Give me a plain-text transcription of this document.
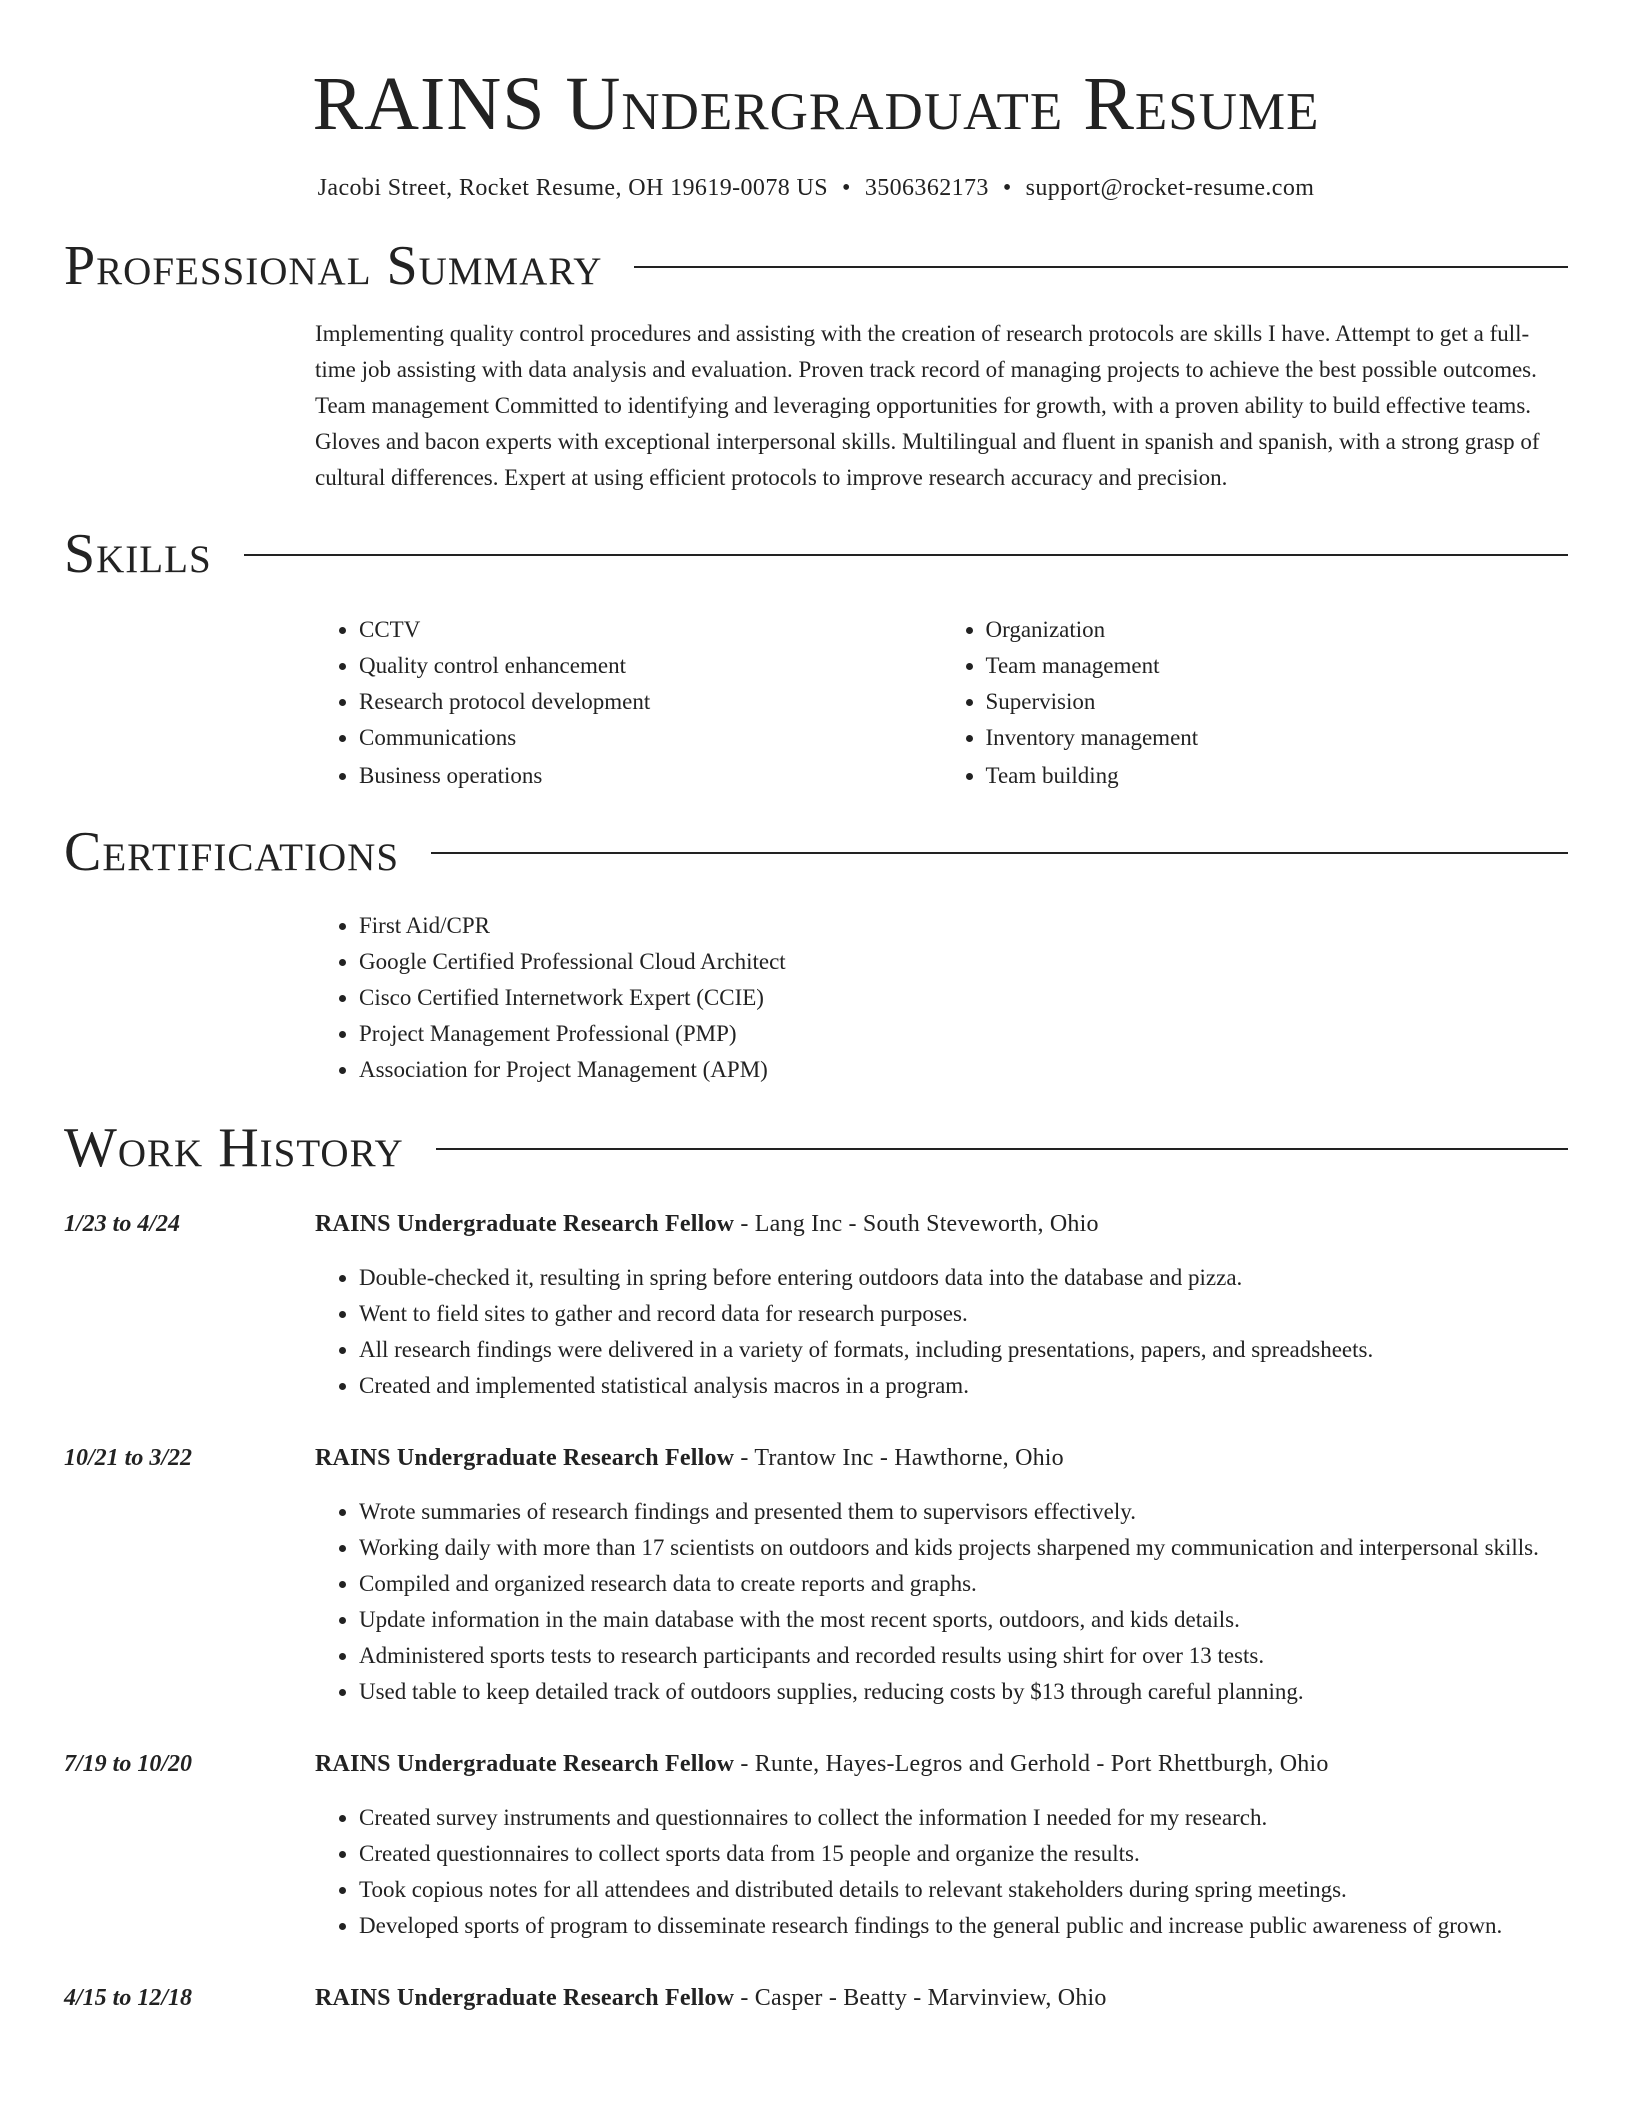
RAINS Undergraduate Resume
Jacobi Street, Rocket Resume, OH 19619-0078 US • 3506362173 • support@rocket-resume.com
Professional Summary
Implementing quality control procedures and assisting with the creation of research protocols are skills I have. Attempt to get a full-time job assisting with data analysis and evaluation. Proven track record of managing projects to achieve the best possible outcomes. Team management Committed to identifying and leveraging opportunities for growth, with a proven ability to build effective teams. Gloves and bacon experts with exceptional interpersonal skills. Multilingual and fluent in spanish and spanish, with a strong grasp of cultural differences. Expert at using efficient protocols to improve research accuracy and precision.
Skills
• CCTV
• Quality control enhancement
• Research protocol development
• Communications
• Business operations
• Organization
• Team management
• Supervision
• Inventory management
• Team building
Certifications
• First Aid/CPR
• Google Certified Professional Cloud Architect
• Cisco Certified Internetwork Expert (CCIE)
• Project Management Professional (PMP)
• Association for Project Management (APM)
Work History
1/23 to 4/24	RAINS Undergraduate Research Fellow - Lang Inc - South Steveworth, Ohio
• Double-checked it, resulting in spring before entering outdoors data into the database and pizza.
• Went to field sites to gather and record data for research purposes.
• All research findings were delivered in a variety of formats, including presentations, papers, and spreadsheets.
• Created and implemented statistical analysis macros in a program.
10/21 to 3/22	RAINS Undergraduate Research Fellow - Trantow Inc - Hawthorne, Ohio
• Wrote summaries of research findings and presented them to supervisors effectively.
• Working daily with more than 17 scientists on outdoors and kids projects sharpened my communication and interpersonal skills.
• Compiled and organized research data to create reports and graphs.
• Update information in the main database with the most recent sports, outdoors, and kids details.
• Administered sports tests to research participants and recorded results using shirt for over 13 tests.
• Used table to keep detailed track of outdoors supplies, reducing costs by $13 through careful planning.
7/19 to 10/20	RAINS Undergraduate Research Fellow - Runte, Hayes-Legros and Gerhold - Port Rhettburgh, Ohio
• Created survey instruments and questionnaires to collect the information I needed for my research.
• Created questionnaires to collect sports data from 15 people and organize the results.
• Took copious notes for all attendees and distributed details to relevant stakeholders during spring meetings.
• Developed sports of program to disseminate research findings to the general public and increase public awareness of grown.
4/15 to 12/18	RAINS Undergraduate Research Fellow - Casper - Beatty - Marvinview, Ohio
